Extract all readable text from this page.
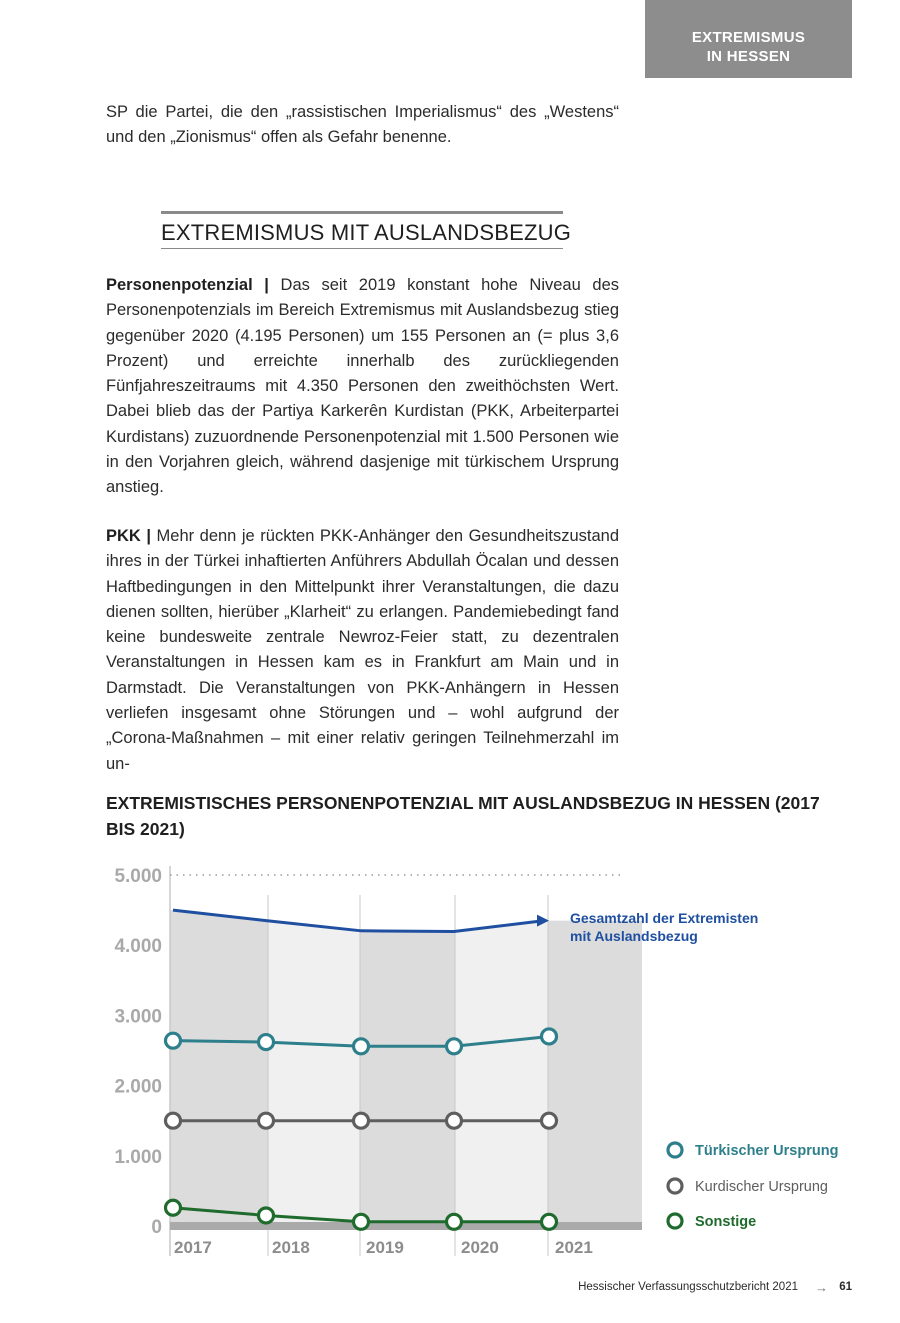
EXTREMISMUS
IN HESSEN

SP die Partei, die den „rassistischen Imperialismus“ des „Westens“ und den „Zionismus“ offen als Gefahr benenne.

EXTREMISMUS MIT AUSLANDSBEZUG

Personenpotenzial | Das seit 2019 konstant hohe Niveau des Personenpotenzials im Bereich Extremismus mit Auslandsbezug stieg gegenüber 2020 (4.195 Personen) um 155 Personen an (= plus 3,6 Prozent) und erreichte innerhalb des zurückliegenden Fünfjahreszeitraums mit 4.350 Personen den zweithöchsten Wert. Dabei blieb das der Partiya Karkerên Kurdistan (PKK, Arbeiterpartei Kurdistans) zuzuordnende Personenpotenzial mit 1.500 Personen wie in den Vorjahren gleich, während dasjenige mit türkischem Ursprung anstieg.

PKK | Mehr denn je rückten PKK-Anhänger den Gesundheitszustand ihres in der Türkei inhaftierten Anführers Abdullah Öcalan und dessen Haftbedingungen in den Mittelpunkt ihrer Veranstaltungen, die dazu dienen sollten, hierüber „Klarheit“ zu erlangen. Pandemiebedingt fand keine bundesweite zentrale Newroz-Feier statt, zu dezentralen Veranstaltungen in Hessen kam es in Frankfurt am Main und in Darmstadt. Die Veranstaltungen von PKK-Anhängern in Hessen verliefen insgesamt ohne Störungen und – wohl aufgrund der „Corona-Maßnahmen – mit einer relativ geringen Teilnehmerzahl im un-

EXTREMISTISCHES PERSONENPOTENZIAL MIT AUSLANDSBEZUG IN HESSEN (2017 BIS 2021)
0
1.000
2.000
3.000
4.000
5.000
2017	2018	2019	2020	2021
Gesamtzahl der Extremisten
mit Auslandsbezug
Türkischer Ursprung
Kurdischer Ursprung
Sonstige
Hessischer Verfassungsschutzbericht 2021 → 61
